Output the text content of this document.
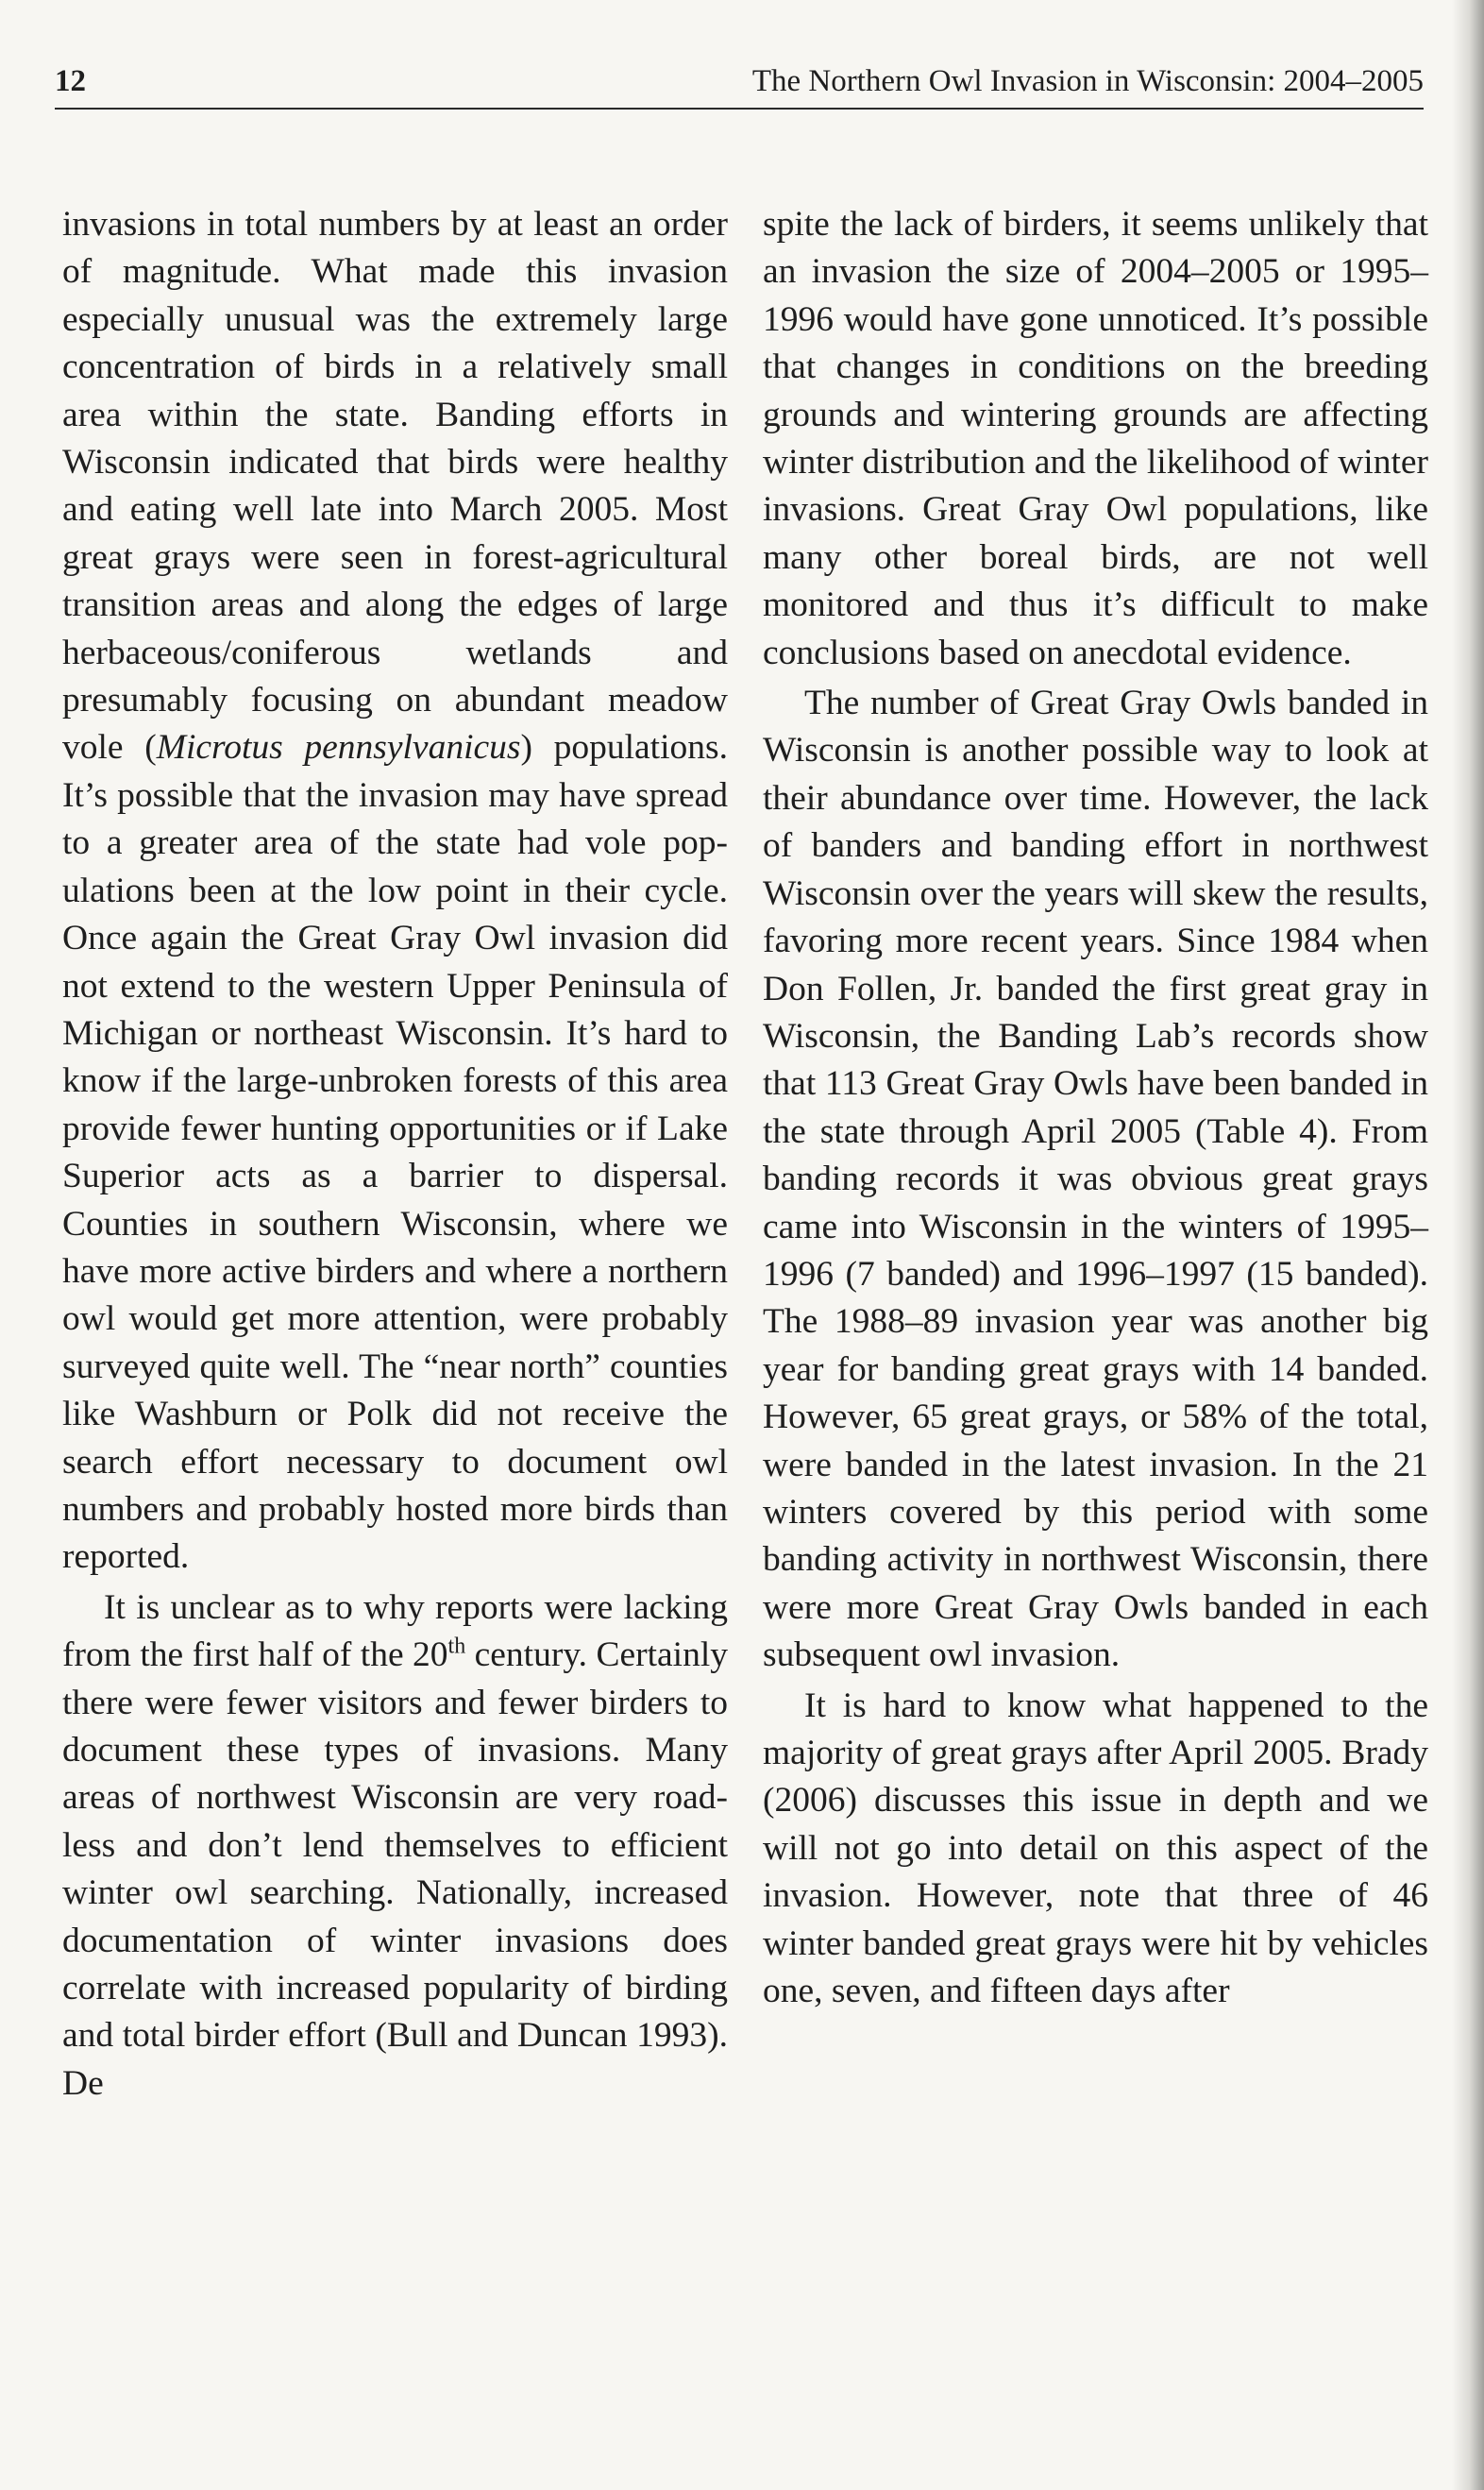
12	The Northern Owl Invasion in Wisconsin: 2004–2005

invasions in total numbers by at least an order of magnitude. What made this invasion especially unusual was the extremely large concentration of birds in a relatively small area within the state. Banding efforts in Wisconsin indicated that birds were healthy and eating well late into March 2005. Most great grays were seen in forest-agricultural transition areas and along the edges of large herbaceous/coniferous wetlands and presumably focusing on abundant meadow vole (Microtus pennsylvanicus) populations. It’s possible that the invasion may have spread to a greater area of the state had vole populations been at the low point in their cycle. Once again the Great Gray Owl invasion did not extend to the western Upper Peninsula of Michigan or northeast Wisconsin. It’s hard to know if the large-unbroken forests of this area provide fewer hunting opportunities or if Lake Superior acts as a barrier to dispersal. Counties in southern Wisconsin, where we have more active birders and where a northern owl would get more attention, were probably surveyed quite well. The “near north” counties like Washburn or Polk did not receive the search effort necessary to document owl numbers and probably hosted more birds than reported.

It is unclear as to why reports were lacking from the first half of the 20th century. Certainly there were fewer visitors and fewer birders to document these types of invasions. Many areas of northwest Wisconsin are very road-less and don’t lend themselves to efficient winter owl searching. Nationally, increased documentation of winter invasions does correlate with increased popularity of birding and total birder effort (Bull and Duncan 1993). De

spite the lack of birders, it seems unlikely that an invasion the size of 2004–2005 or 1995–1996 would have gone unnoticed. It’s possible that changes in conditions on the breeding grounds and wintering grounds are affecting winter distribution and the likelihood of winter invasions. Great Gray Owl populations, like many other boreal birds, are not well monitored and thus it’s difficult to make conclusions based on anecdotal evidence.

The number of Great Gray Owls banded in Wisconsin is another possible way to look at their abundance over time. However, the lack of banders and banding effort in northwest Wisconsin over the years will skew the results, favoring more recent years. Since 1984 when Don Follen, Jr. banded the first great gray in Wisconsin, the Banding Lab’s records show that 113 Great Gray Owls have been banded in the state through April 2005 (Table 4). From banding records it was obvious great grays came into Wisconsin in the winters of 1995–1996 (7 banded) and 1996–1997 (15 banded). The 1988–89 invasion year was another big year for banding great grays with 14 banded. However, 65 great grays, or 58% of the total, were banded in the latest invasion. In the 21 winters covered by this period with some banding activity in northwest Wisconsin, there were more Great Gray Owls banded in each subsequent owl invasion.

It is hard to know what happened to the majority of great grays after April 2005. Brady (2006) discusses this issue in depth and we will not go into detail on this aspect of the invasion. However, note that three of 46 winter banded great grays were hit by vehicles one, seven, and fifteen days after
